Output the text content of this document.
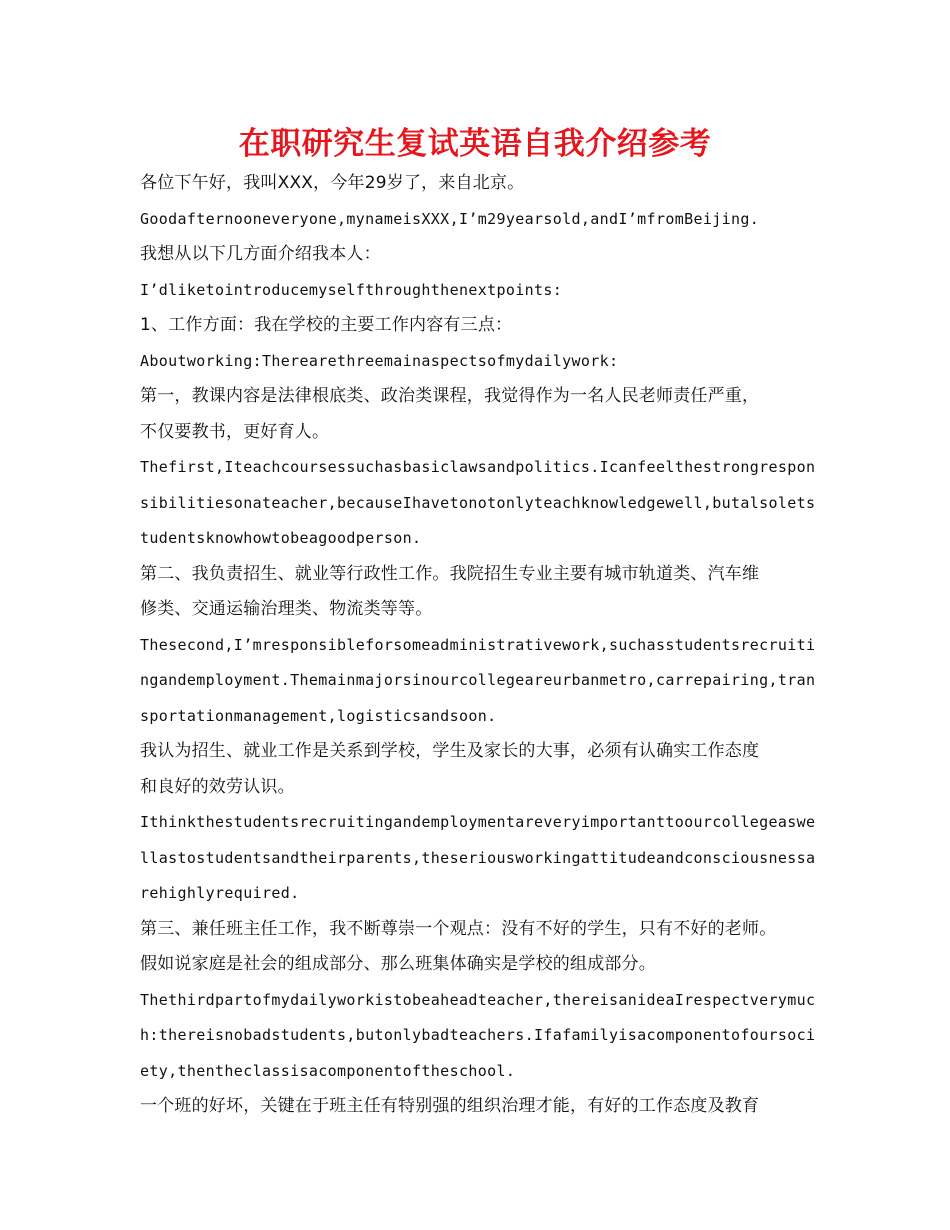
在职研究生复试英语自我介绍参考
各位下午好，我叫XXX，今年29岁了，来自北京。
Goodafternooneveryone,mynameisXXX,I’m29yearsold,andI’mfromBeijing.
我想从以下几方面介绍我本人：
I’dliketointroducemyselfthroughthenextpoints:
1、工作方面：我在学校的主要工作内容有三点：
Aboutworking:Therearethreemainaspectsofmydailywork:
第一，教课内容是法律根底类、政治类课程，我觉得作为一名人民老师责任严重，
不仅要教书，更好育人。
Thefirst,Iteachcoursessuchasbasiclawsandpolitics.Icanfeelthestrongrespon
sibilitiesonateacher,becauseIhavetonotonlyteachknowledgewell,butalsolets
tudentsknowhowtobeagoodperson.
第二、我负责招生、就业等行政性工作。我院招生专业主要有城市轨道类、汽车维
修类、交通运输治理类、物流类等等。
Thesecond,I’mresponsibleforsomeadministrativework,suchasstudentsrecruiti
ngandemployment.Themainmajorsinourcollegeareurbanmetro,carrepairing,tran
sportationmanagement,logisticsandsoon.
我认为招生、就业工作是关系到学校，学生及家长的大事，必须有认确实工作态度
和良好的效劳认识。
Ithinkthestudentsrecruitingandemploymentareveryimportanttoourcollegeaswe
llastostudentsandtheirparents,theseriousworkingattitudeandconsciousnessa
rehighlyrequired.
第三、兼任班主任工作，我不断尊崇一个观点：没有不好的学生，只有不好的老师。
假如说家庭是社会的组成部分、那么班集体确实是学校的组成部分。
Thethirdpartofmydailyworkistobeaheadteacher,thereisanideaIrespectverymuc
h:thereisnobadstudents,butonlybadteachers.Ifafamilyisacomponentofoursoci
ety,thentheclassisacomponentoftheschool.
一个班的好坏，关键在于班主任有特别强的组织治理才能，有好的工作态度及教育
